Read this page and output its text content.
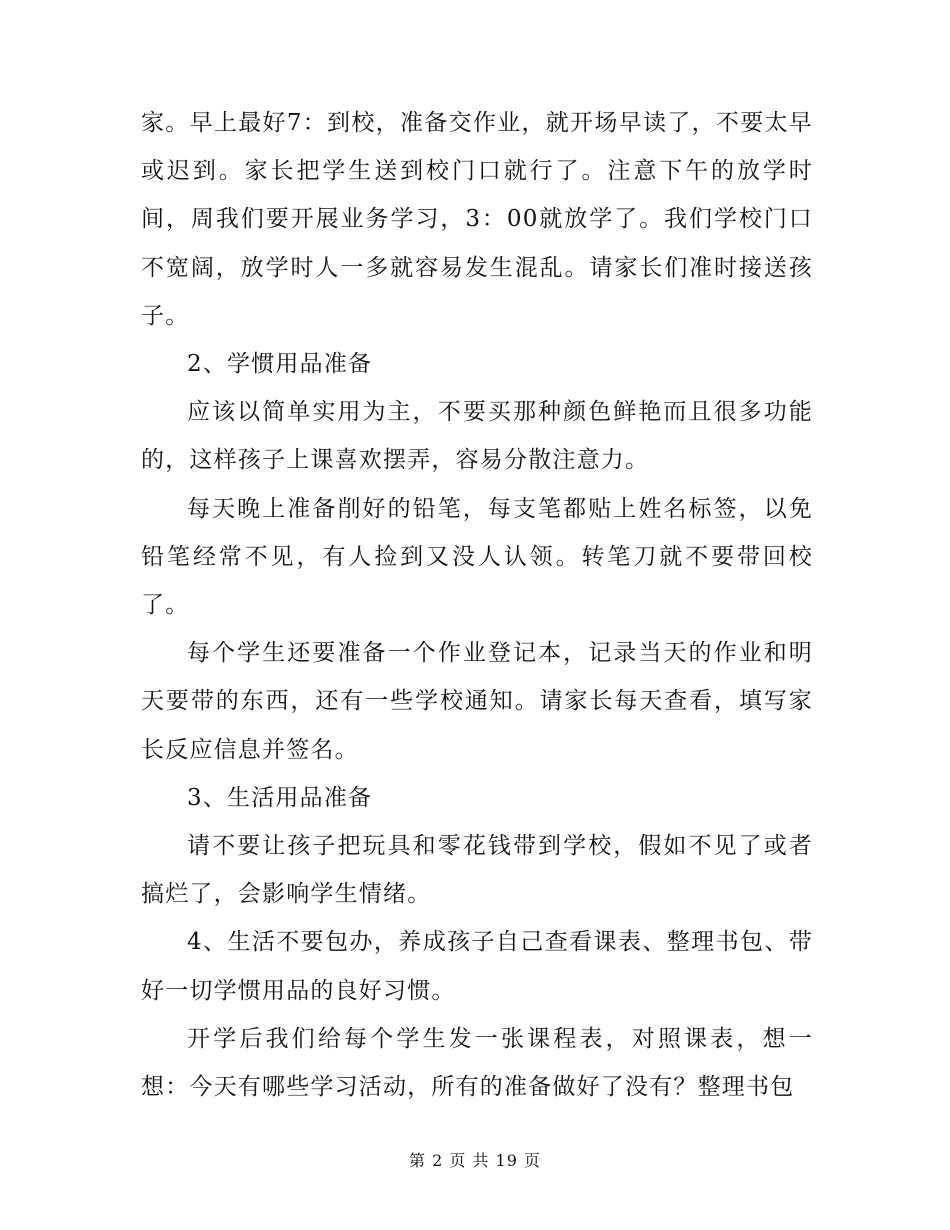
家。早上最好7：到校，准备交作业，就开场早读了，不要太早或迟到。家长把学生送到校门口就行了。注意下午的放学时间，周我们要开展业务学习，3：00就放学了。我们学校门口不宽阔，放学时人一多就容易发生混乱。请家长们准时接送孩子。

2、学惯用品准备

应该以简单实用为主，不要买那种颜色鲜艳而且很多功能的，这样孩子上课喜欢摆弄，容易分散注意力。

每天晚上准备削好的铅笔，每支笔都贴上姓名标签，以免铅笔经常不见，有人捡到又没人认领。转笔刀就不要带回校了。

每个学生还要准备一个作业登记本，记录当天的作业和明天要带的东西，还有一些学校通知。请家长每天查看，填写家长反应信息并签名。

3、生活用品准备

请不要让孩子把玩具和零花钱带到学校，假如不见了或者搞烂了，会影响学生情绪。

4、生活不要包办，养成孩子自己查看课表、整理书包、带好一切学惯用品的良好习惯。

开学后我们给每个学生发一张课程表，对照课表，想一想：今天有哪些学习活动，所有的准备做好了没有？整理书包

第 2 页 共 19 页
